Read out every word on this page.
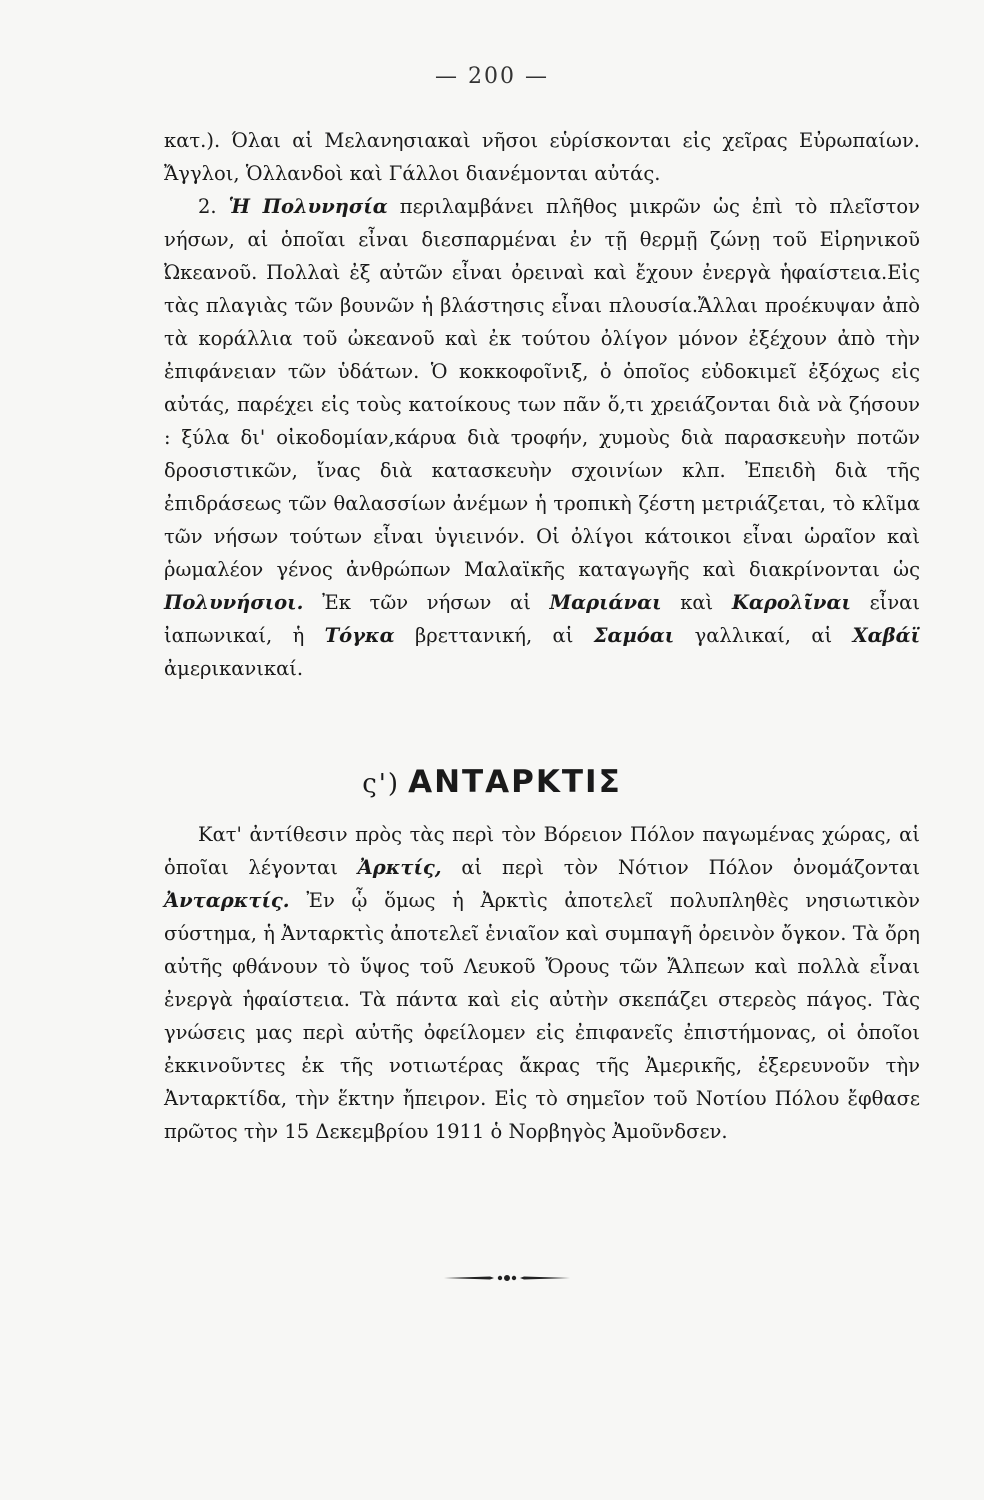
— 200 —

κατ.). Όλαι αἱ Μελανησιακαὶ νῆσοι εὑρίσκονται εἰς χεῖρας Εὐρωπαίων. Ἄγγλοι, Ὁλλανδοὶ καὶ Γάλλοι διανέμονται αὐτάς.

2. Ἡ Πολυνησία περιλαμβάνει πλῆθος μικρῶν ὡς ἐπὶ τὸ πλεῖστον νήσων, αἱ ὁποῖαι εἶναι διεσπαρμέναι ἐν τῇ θερμῇ ζώνῃ τοῦ Εἰρηνικοῦ Ὠκεανοῦ. Πολλαὶ ἐξ αὐτῶν εἶναι ὀρειναὶ καὶ ἔχουν ἐνεργὰ ἡφαίστεια.Εἰς τὰς πλαγιὰς τῶν βουνῶν ἡ βλάστησις εἶναι πλουσία.Ἄλλαι προέκυψαν ἀπὸ τὰ κοράλλια τοῦ ὠκεανοῦ καὶ ἐκ τούτου ὀλίγον μόνον ἐξέχουν ἀπὸ τὴν ἐπιφάνειαν τῶν ὑδάτων. Ὁ κοκκοφοῖνιξ, ὁ ὁποῖος εὐδοκιμεῖ ἐξόχως εἰς αὐτάς, παρέχει εἰς τοὺς κατοίκους των πᾶν ὅ,τι χρειάζονται διὰ νὰ ζήσουν : ξύλα δι' οἰκοδομίαν,κάρυα διὰ τροφήν, χυμοὺς διὰ παρασκευὴν ποτῶν δροσιστικῶν, ἴνας διὰ κατασκευὴν σχοινίων κλπ. Ἐπειδὴ διὰ τῆς ἐπιδράσεως τῶν θαλασσίων ἀνέμων ἡ τροπικὴ ζέστη μετριάζεται, τὸ κλῖμα τῶν νήσων τούτων εἶναι ὑγιεινόν. Οἱ ὀλίγοι κάτοικοι εἶναι ὡραῖον καὶ ῥωμαλέον γένος ἀνθρώπων Μαλαϊκῆς καταγωγῆς καὶ διακρίνονται ὡς Πολυνήσιοι. Ἐκ τῶν νήσων αἱ Μαριάναι καὶ Καρολῖναι εἶναι ἰαπωνικαί, ἡ Τόγκα βρεττανική, αἱ Σαμόαι γαλλικαί, αἱ Χαβάϊ ἀμερικανικαί.

ς') ΑΝΤΑΡΚΤΙΣ

Κατ' ἀντίθεσιν πρὸς τὰς περὶ τὸν Βόρειον Πόλον παγωμένας χώρας, αἱ ὁποῖαι λέγονται Ἀρκτίς, αἱ περὶ τὸν Νότιον Πόλον ὀνομάζονται Ἀνταρκτίς. Ἐν ᾧ ὅμως ἡ Ἀρκτὶς ἀποτελεῖ πολυπληθὲς νησιωτικὸν σύστημα, ἡ Ἀνταρκτὶς ἀποτελεῖ ἑνιαῖον καὶ συμπαγῆ ὀρεινὸν ὄγκον. Τὰ ὄρη αὐτῆς φθάνουν τὸ ὕψος τοῦ Λευκοῦ Ὄρους τῶν Ἄλπεων καὶ πολλὰ εἶναι ἐνεργὰ ἡφαίστεια. Τὰ πάντα καὶ εἰς αὐτὴν σκεπάζει στερεὸς πάγος. Τὰς γνώσεις μας περὶ αὐτῆς ὀφείλομεν εἰς ἐπιφανεῖς ἐπιστήμονας, οἱ ὁποῖοι ἐκκινοῦντες ἐκ τῆς νοτιωτέρας ἄκρας τῆς Ἀμερικῆς, ἐξερευνοῦν τὴν Ἀνταρκτίδα, τὴν ἕκτην ἤπειρον. Εἰς τὸ σημεῖον τοῦ Νοτίου Πόλου ἔφθασε πρῶτος τὴν 15 Δεκεμβρίου 1911 ὁ Νορβηγὸς Ἀμοῦνδσεν.
